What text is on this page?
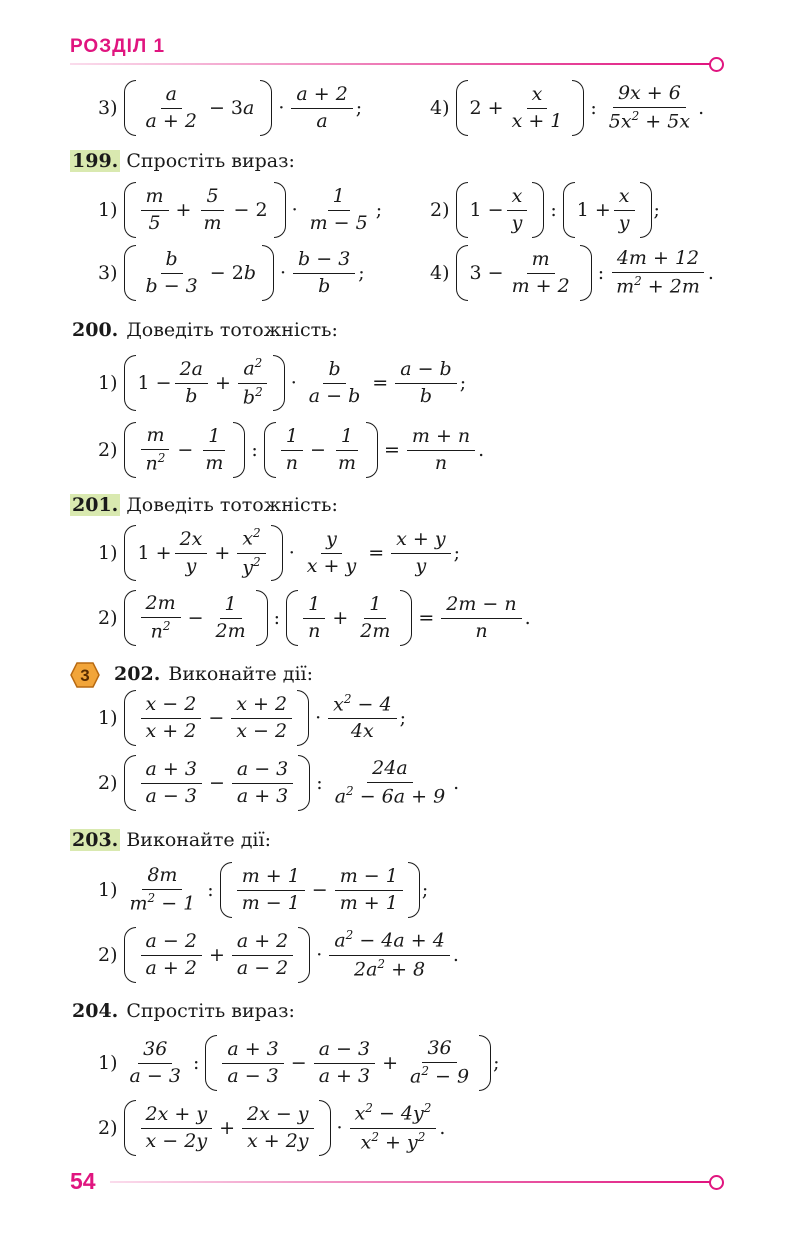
РОЗДІЛ 1
$3) \frac{a}{a + 2} - 3a \cdot \frac{a + 2}{a}$ ;	4) $2 + \frac{x}{x + 1}$ : $\frac{9x + 6}{5x^2 + 5x}$ .
199. Спростіть вираз:
$1) \frac{m}{5} + \frac{5}{m} - 2 \cdot \frac{1}{m - 5}$ ;	2) $1 - \frac{x}{y}$ : $1 + \frac{x}{y}$ ;
$3) \frac{b}{b - 3} - 2b \cdot \frac{b - 3}{b}$ ;	4) $3 - \frac{m}{m + 2}$ : $\frac{4m + 12}{m^2 + 2m}$ .
200. Доведіть тотожність:
1) $1 - \frac{2a}{b} + \frac{a^2}{b^2} \cdot \frac{b}{a - b} = \frac{a - b}{b}$ ;
$2) \frac{m}{n^2} - \frac{1}{m}$ : $\frac{1}{n} - \frac{1}{m} = \frac{m + n}{n}$ .
201. Доведіть тотожність:
1) $1 + \frac{2x}{y} + \frac{x^2}{y^2} \cdot \frac{y}{x + y} = \frac{x + y}{y}$ ;
$2) \frac{2m}{n^2} - \frac{1}{2m}$ : $\frac{1}{n} + \frac{1}{2m} = \frac{2m - n}{n}$ .
3 202. Виконайте дії:
$1) \frac{x - 2}{x + 2} - \frac{x + 2}{x - 2} \cdot \frac{x^2 - 4}{4x}$ ;
$2) \frac{a + 3}{a - 3} - \frac{a - 3}{a + 3}$ : $\frac{24a}{a^2 - 6a + 9}$ .
203. Виконайте дії:
$1) \frac{8m}{m^2 - 1}$ : $\frac{m + 1}{m - 1} - \frac{m - 1}{m + 1}$ ;
$2) \frac{a - 2}{a + 2} + \frac{a + 2}{a - 2} \cdot \frac{a^2 - 4a + 4}{2a^2 + 8}$ .
204. Спростіть вираз:
$1) \frac{36}{a - 3}$ : $\frac{a + 3}{a - 3} - \frac{a - 3}{a + 3} + \frac{36}{a^2 - 9}$ ;
$2) \frac{2x + y}{x - 2y} + \frac{2x - y}{x + 2y} \cdot \frac{x^2 - 4y^2}{x^2 + y^2}$ .
54
